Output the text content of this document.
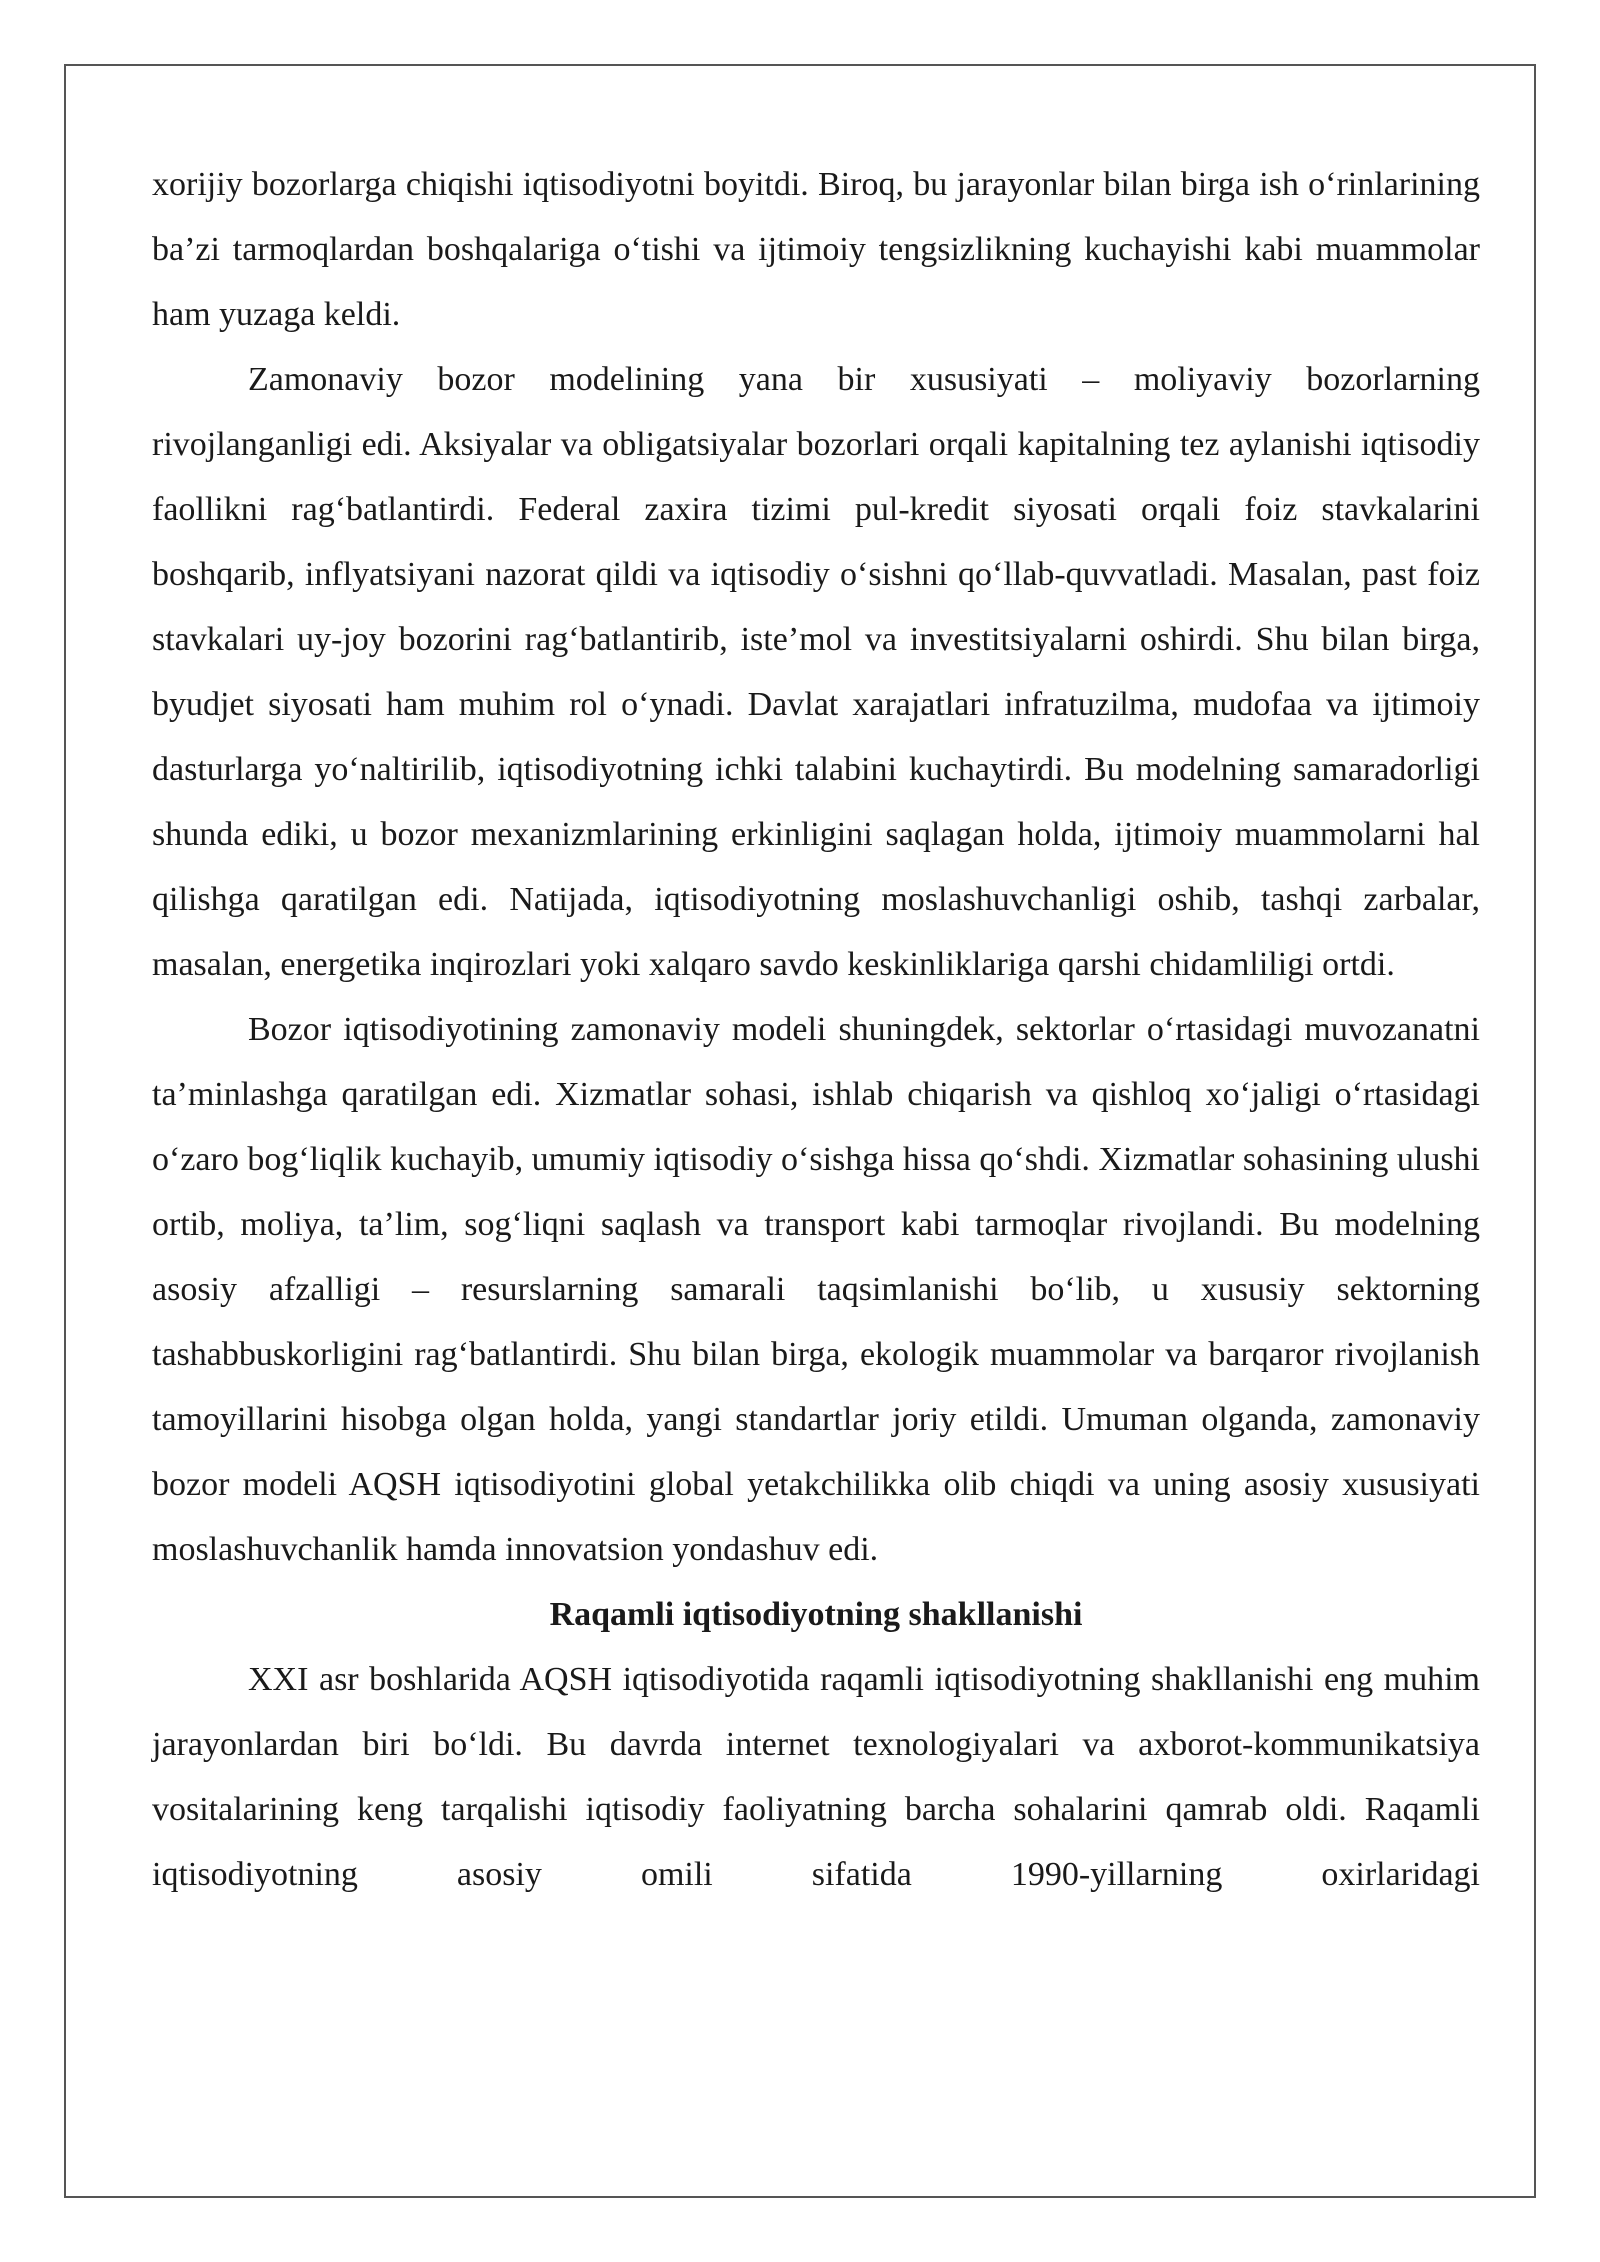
xorijiy bozorlarga chiqishi iqtisodiyotni boyitdi. Biroq, bu jarayonlar bilan birga ish o‘rinlarining ba’zi tarmoqlardan boshqalariga o‘tishi va ijtimoiy tengsizlikning kuchayishi kabi muammolar ham yuzaga keldi.

Zamonaviy bozor modelining yana bir xususiyati – moliyaviy bozorlarning rivojlanganligi edi. Aksiyalar va obligatsiyalar bozorlari orqali kapitalning tez aylanishi iqtisodiy faollikni rag‘batlantirdi. Federal zaxira tizimi pul-kredit siyosati orqali foiz stavkalarini boshqarib, inflyatsiyani nazorat qildi va iqtisodiy o‘sishni qo‘llab-quvvatladi. Masalan, past foiz stavkalari uy-joy bozorini rag‘batlantirib, iste’mol va investitsiyalarni oshirdi. Shu bilan birga, byudjet siyosati ham muhim rol o‘ynadi. Davlat xarajatlari infratuzilma, mudofaa va ijtimoiy dasturlarga yo‘naltirilib, iqtisodiyotning ichki talabini kuchaytirdi. Bu modelning samaradorligi shunda ediki, u bozor mexanizmlarining erkinligini saqlagan holda, ijtimoiy muammolarni hal qilishga qaratilgan edi. Natijada, iqtisodiyotning moslashuvchanligi oshib, tashqi zarbalar, masalan, energetika inqirozlari yoki xalqaro savdo keskinliklariga qarshi chidamliligi ortdi.

Bozor iqtisodiyotining zamonaviy modeli shuningdek, sektorlar o‘rtasidagi muvozanatni ta’minlashga qaratilgan edi. Xizmatlar sohasi, ishlab chiqarish va qishloq xo‘jaligi o‘rtasidagi o‘zaro bog‘liqlik kuchayib, umumiy iqtisodiy o‘sishga hissa qo‘shdi. Xizmatlar sohasining ulushi ortib, moliya, ta’lim, sog‘liqni saqlash va transport kabi tarmoqlar rivojlandi. Bu modelning asosiy afzalligi – resurslarning samarali taqsimlanishi bo‘lib, u xususiy sektorning tashabbuskorligini rag‘batlantirdi. Shu bilan birga, ekologik muammolar va barqaror rivojlanish tamoyillarini hisobga olgan holda, yangi standartlar joriy etildi. Umuman olganda, zamonaviy bozor modeli AQSH iqtisodiyotini global yetakchilikka olib chiqdi va uning asosiy xususiyati moslashuvchanlik hamda innovatsion yondashuv edi.

Raqamli iqtisodiyotning shakllanishi

XXI asr boshlarida AQSH iqtisodiyotida raqamli iqtisodiyotning shakllanishi eng muhim jarayonlardan biri bo‘ldi. Bu davrda internet texnologiyalari va axborot-kommunikatsiya vositalarining keng tarqalishi iqtisodiy faoliyatning barcha sohalarini qamrab oldi. Raqamli iqtisodiyotning asosiy omili sifatida 1990-yillarning oxirlaridagi
